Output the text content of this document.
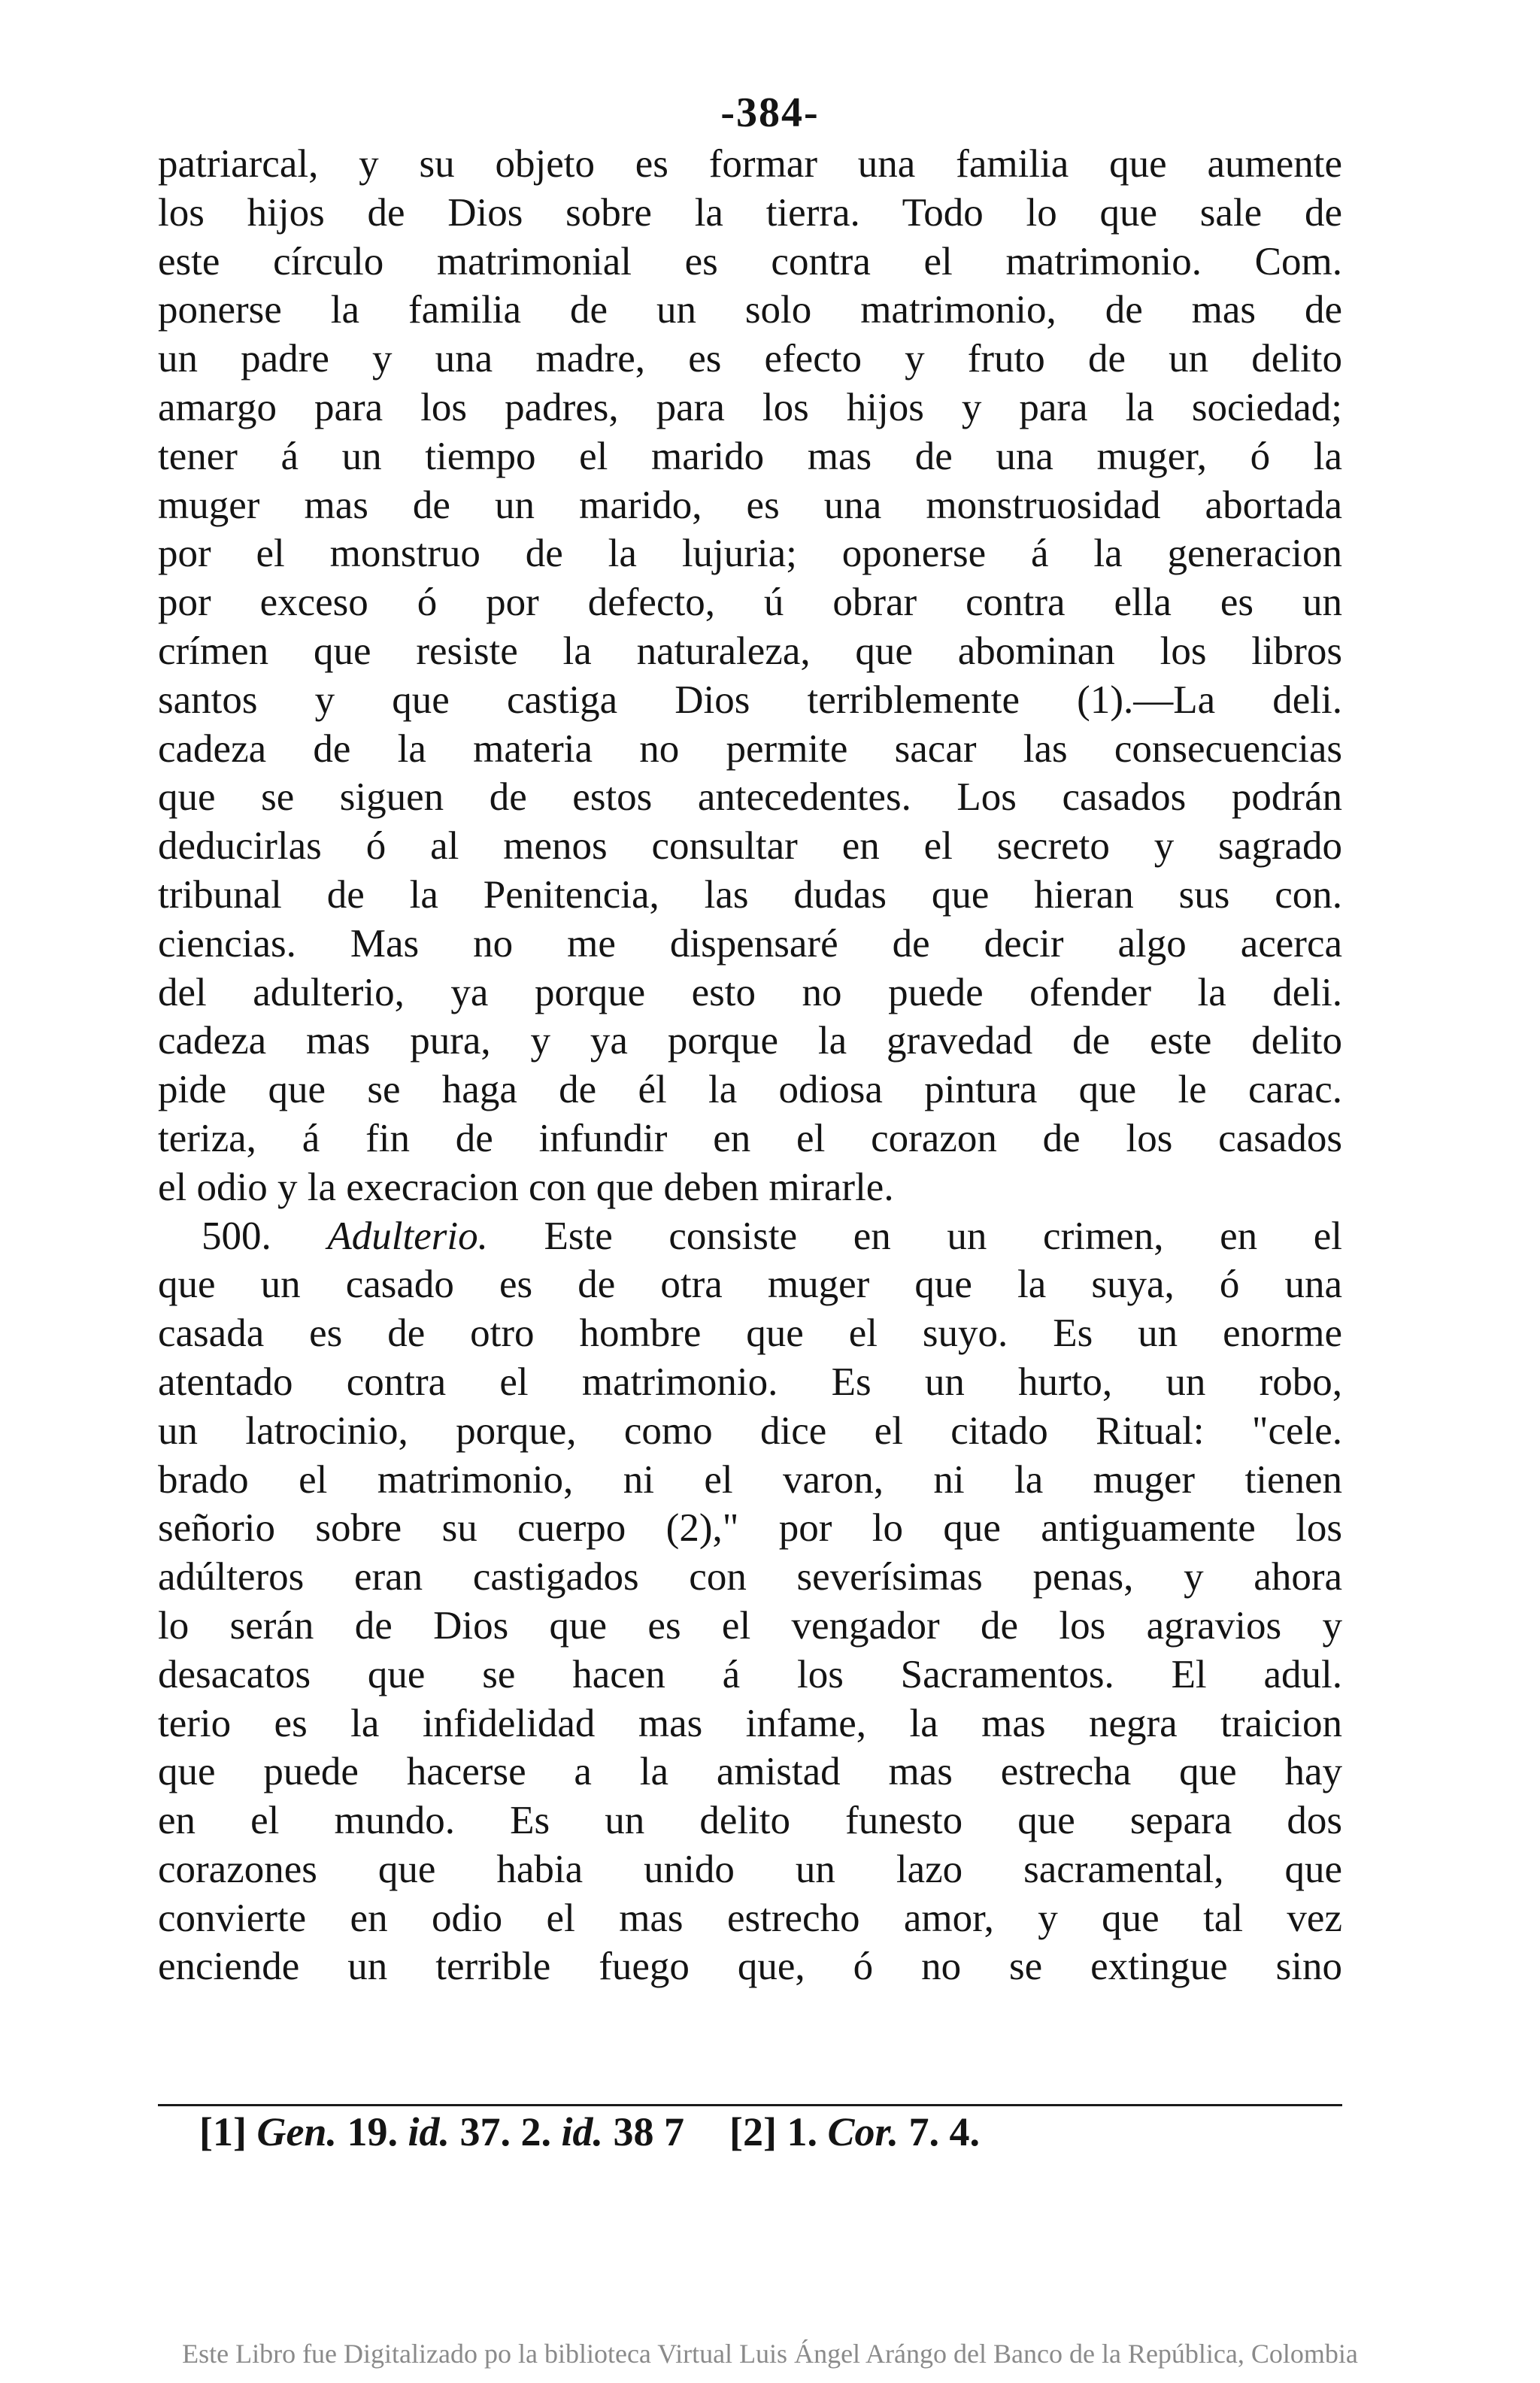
-384-
patriarcal, y su objeto es formar una familia que aumente
los hijos de Dios sobre la tierra. Todo lo que sale de
este círculo matrimonial es contra el matrimonio. Com.
ponerse la familia de un solo matrimonio, de mas de
un padre y una madre, es efecto y fruto de un delito
amargo para los padres, para los hijos y para la sociedad;
tener á un tiempo el marido mas de una muger, ó la
muger mas de un marido, es una monstruosidad abortada
por el monstruo de la lujuria; oponerse á la generacion
por exceso ó por defecto, ú obrar contra ella es un
crímen que resiste la naturaleza, que abominan los libros
santos y que castiga Dios terriblemente (1).—La deli.
cadeza de la materia no permite sacar las consecuencias
que se siguen de estos antecedentes. Los casados podrán
deducirlas ó al menos consultar en el secreto y sagrado
tribunal de la Penitencia, las dudas que hieran sus con.
ciencias. Mas no me dispensaré de decir algo acerca
del adulterio, ya porque esto no puede ofender la deli.
cadeza mas pura, y ya porque la gravedad de este delito
pide que se haga de él la odiosa pintura que le carac.
teriza, á fin de infundir en el corazon de los casados
el odio y la execracion con que deben mirarle.
500. Adulterio. Este consiste en un crimen, en el
que un casado es de otra muger que la suya, ó una
casada es de otro hombre que el suyo. Es un enorme
atentado contra el matrimonio. Es un hurto, un robo,
un latrocinio, porque, como dice el citado Ritual: "cele.
brado el matrimonio, ni el varon, ni la muger tienen
señorio sobre su cuerpo (2)," por lo que antiguamente los
adúlteros eran castigados con severísimas penas, y ahora
lo serán de Dios que es el vengador de los agravios y
desacatos que se hacen á los Sacramentos. El adul.
terio es la infidelidad mas infame, la mas negra traicion
que puede hacerse a la amistad mas estrecha que hay
en el mundo. Es un delito funesto que separa dos
corazones que habia unido un lazo sacramental, que
convierte en odio el mas estrecho amor, y que tal vez
enciende un terrible fuego que, ó no se extingue sino
[1] Gen. 19. id. 37. 2. id. 38 7 [2] 1. Cor. 7. 4.
Este Libro fue Digitalizado po la biblioteca Virtual Luis Ángel Arángo del Banco de la República, Colombia
